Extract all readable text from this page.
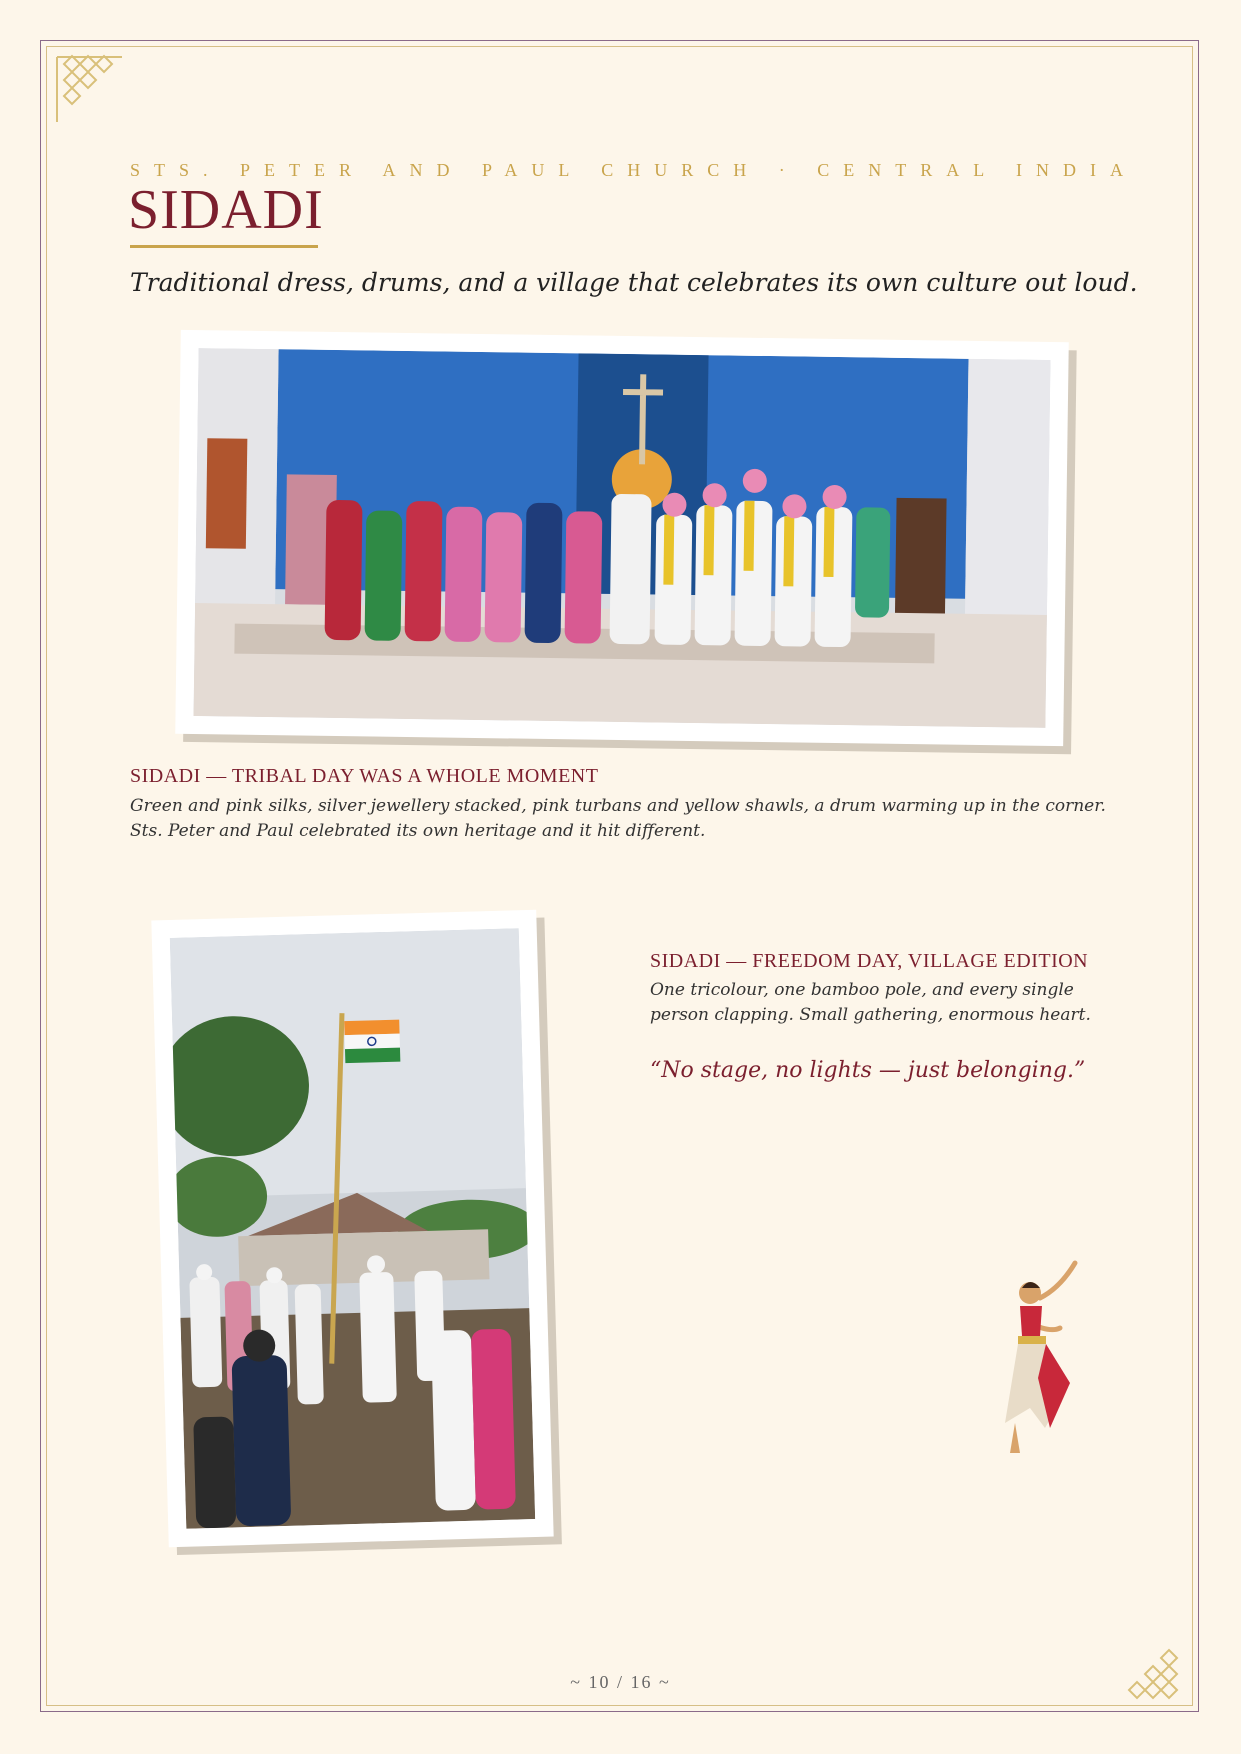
STS. PETER AND PAUL CHURCH · CENTRAL INDIA
SIDADI
Traditional dress, drums, and a village that celebrates its own culture out loud.
SIDADI — TRIBAL DAY WAS A WHOLE MOMENT
Green and pink silks, silver jewellery stacked, pink turbans and yellow shawls, a drum warming up in the corner. Sts. Peter and Paul celebrated its own heritage and it hit different.
SIDADI — FREEDOM DAY, VILLAGE EDITION
One tricolour, one bamboo pole, and every single person clapping. Small gathering, enormous heart.
“No stage, no lights — just belonging.”
~ 10 / 16 ~
